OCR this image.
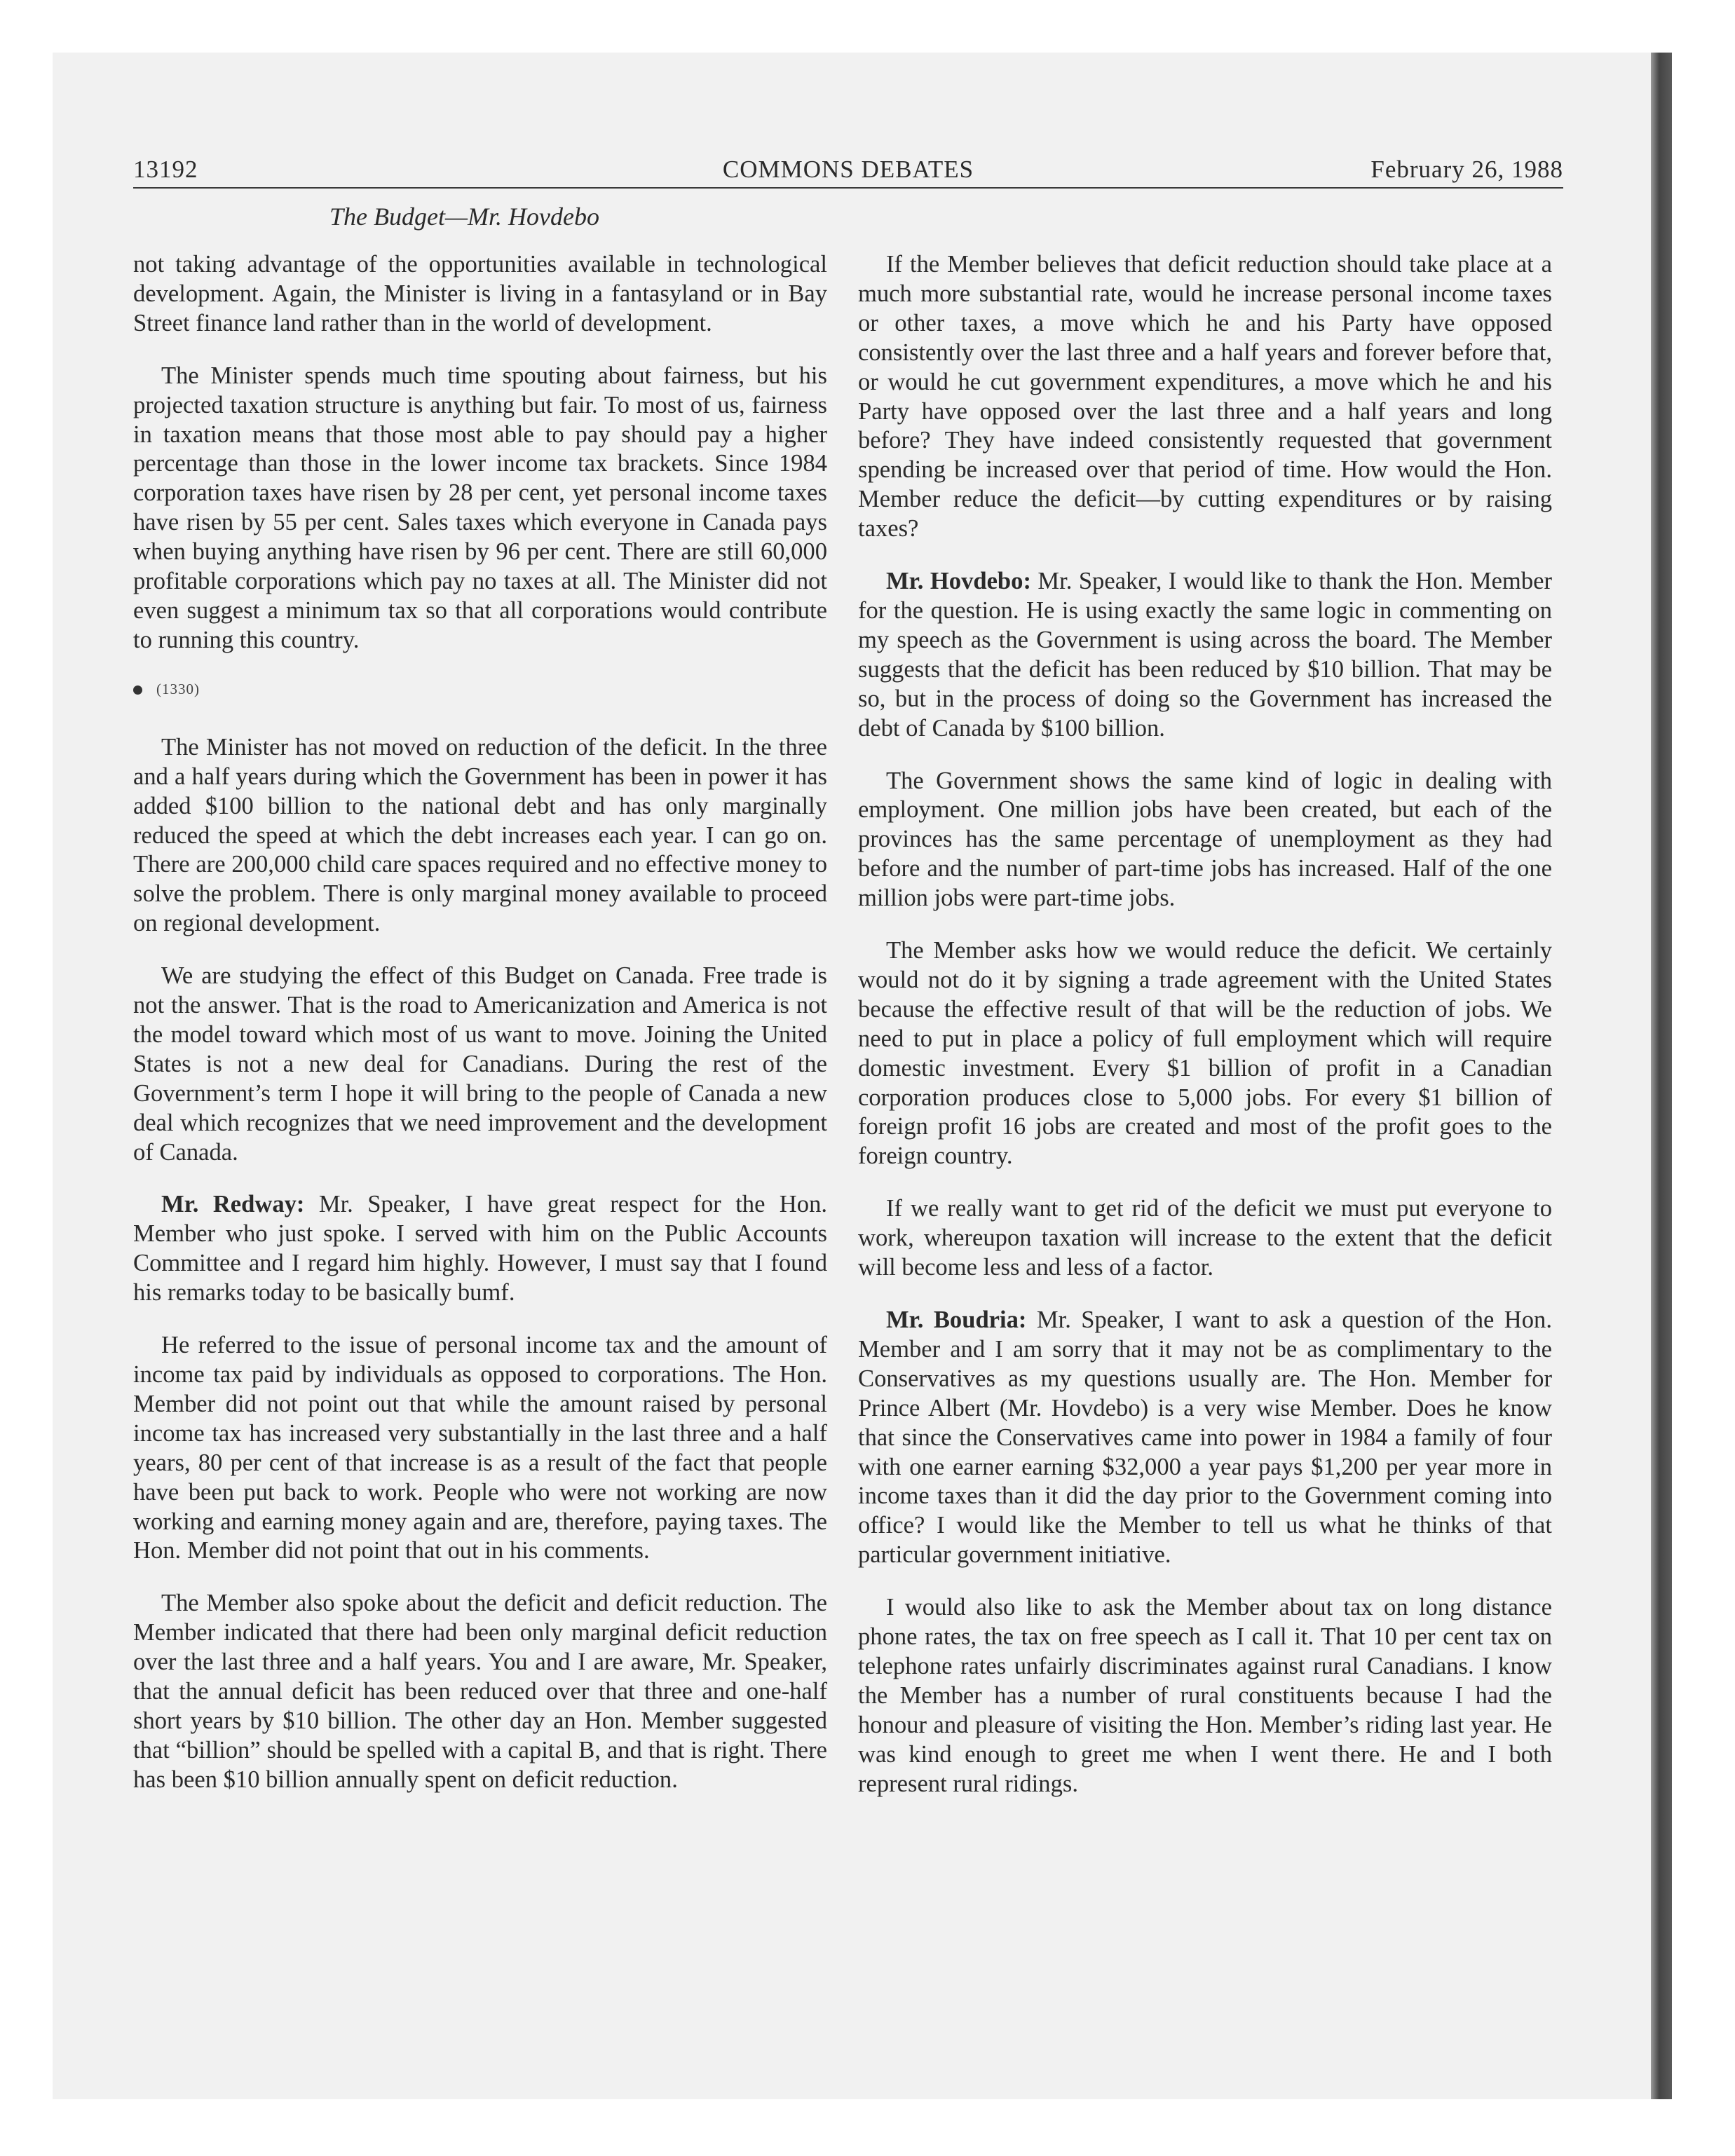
13192	COMMONS DEBATES	February 26, 1988
The Budget—Mr. Hovdebo

not taking advantage of the opportunities available in technological development. Again, the Minister is living in a fantasyland or in Bay Street finance land rather than in the world of development.

The Minister spends much time spouting about fairness, but his projected taxation structure is anything but fair. To most of us, fairness in taxation means that those most able to pay should pay a higher percentage than those in the lower income tax brackets. Since 1984 corporation taxes have risen by 28 per cent, yet personal income taxes have risen by 55 per cent. Sales taxes which everyone in Canada pays when buying anything have risen by 96 per cent. There are still 60,000 profitable corporations which pay no taxes at all. The Minister did not even suggest a minimum tax so that all corporations would contribute to running this country.

(1330)

The Minister has not moved on reduction of the deficit. In the three and a half years during which the Government has been in power it has added $100 billion to the national debt and has only marginally reduced the speed at which the debt increases each year. I can go on. There are 200,000 child care spaces required and no effective money to solve the problem. There is only marginal money available to proceed on regional development.

We are studying the effect of this Budget on Canada. Free trade is not the answer. That is the road to Americanization and America is not the model toward which most of us want to move. Joining the United States is not a new deal for Canadians. During the rest of the Government’s term I hope it will bring to the people of Canada a new deal which recognizes that we need improvement and the development of Canada.

Mr. Redway: Mr. Speaker, I have great respect for the Hon. Member who just spoke. I served with him on the Public Accounts Committee and I regard him highly. However, I must say that I found his remarks today to be basically bumf.

He referred to the issue of personal income tax and the amount of income tax paid by individuals as opposed to corporations. The Hon. Member did not point out that while the amount raised by personal income tax has increased very substantially in the last three and a half years, 80 per cent of that increase is as a result of the fact that people have been put back to work. People who were not working are now working and earning money again and are, therefore, paying taxes. The Hon. Member did not point that out in his comments.

The Member also spoke about the deficit and deficit reduction. The Member indicated that there had been only marginal deficit reduction over the last three and a half years. You and I are aware, Mr. Speaker, that the annual deficit has been reduced over that three and one-half short years by $10 billion. The other day an Hon. Member suggested that “billion” should be spelled with a capital B, and that is right. There has been $10 billion annually spent on deficit reduction.

If the Member believes that deficit reduction should take place at a much more substantial rate, would he increase personal income taxes or other taxes, a move which he and his Party have opposed consistently over the last three and a half years and forever before that, or would he cut government expenditures, a move which he and his Party have opposed over the last three and a half years and long before? They have indeed consistently requested that government spending be increased over that period of time. How would the Hon. Member reduce the deficit—by cutting expenditures or by raising taxes?

Mr. Hovdebo: Mr. Speaker, I would like to thank the Hon. Member for the question. He is using exactly the same logic in commenting on my speech as the Government is using across the board. The Member suggests that the deficit has been reduced by $10 billion. That may be so, but in the process of doing so the Government has increased the debt of Canada by $100 billion.

The Government shows the same kind of logic in dealing with employment. One million jobs have been created, but each of the provinces has the same percentage of unemployment as they had before and the number of part-time jobs has increased. Half of the one million jobs were part-time jobs.

The Member asks how we would reduce the deficit. We certainly would not do it by signing a trade agreement with the United States because the effective result of that will be the reduction of jobs. We need to put in place a policy of full employment which will require domestic investment. Every $1 billion of profit in a Canadian corporation produces close to 5,000 jobs. For every $1 billion of foreign profit 16 jobs are created and most of the profit goes to the foreign country.

If we really want to get rid of the deficit we must put everyone to work, whereupon taxation will increase to the extent that the deficit will become less and less of a factor.

Mr. Boudria: Mr. Speaker, I want to ask a question of the Hon. Member and I am sorry that it may not be as complimentary to the Conservatives as my questions usually are. The Hon. Member for Prince Albert (Mr. Hovdebo) is a very wise Member. Does he know that since the Conservatives came into power in 1984 a family of four with one earner earning $32,000 a year pays $1,200 per year more in income taxes than it did the day prior to the Government coming into office? I would like the Member to tell us what he thinks of that particular government initiative.

I would also like to ask the Member about tax on long distance phone rates, the tax on free speech as I call it. That 10 per cent tax on telephone rates unfairly discriminates against rural Canadians. I know the Member has a number of rural constituents because I had the honour and pleasure of visiting the Hon. Member’s riding last year. He was kind enough to greet me when I went there. He and I both represent rural ridings.
